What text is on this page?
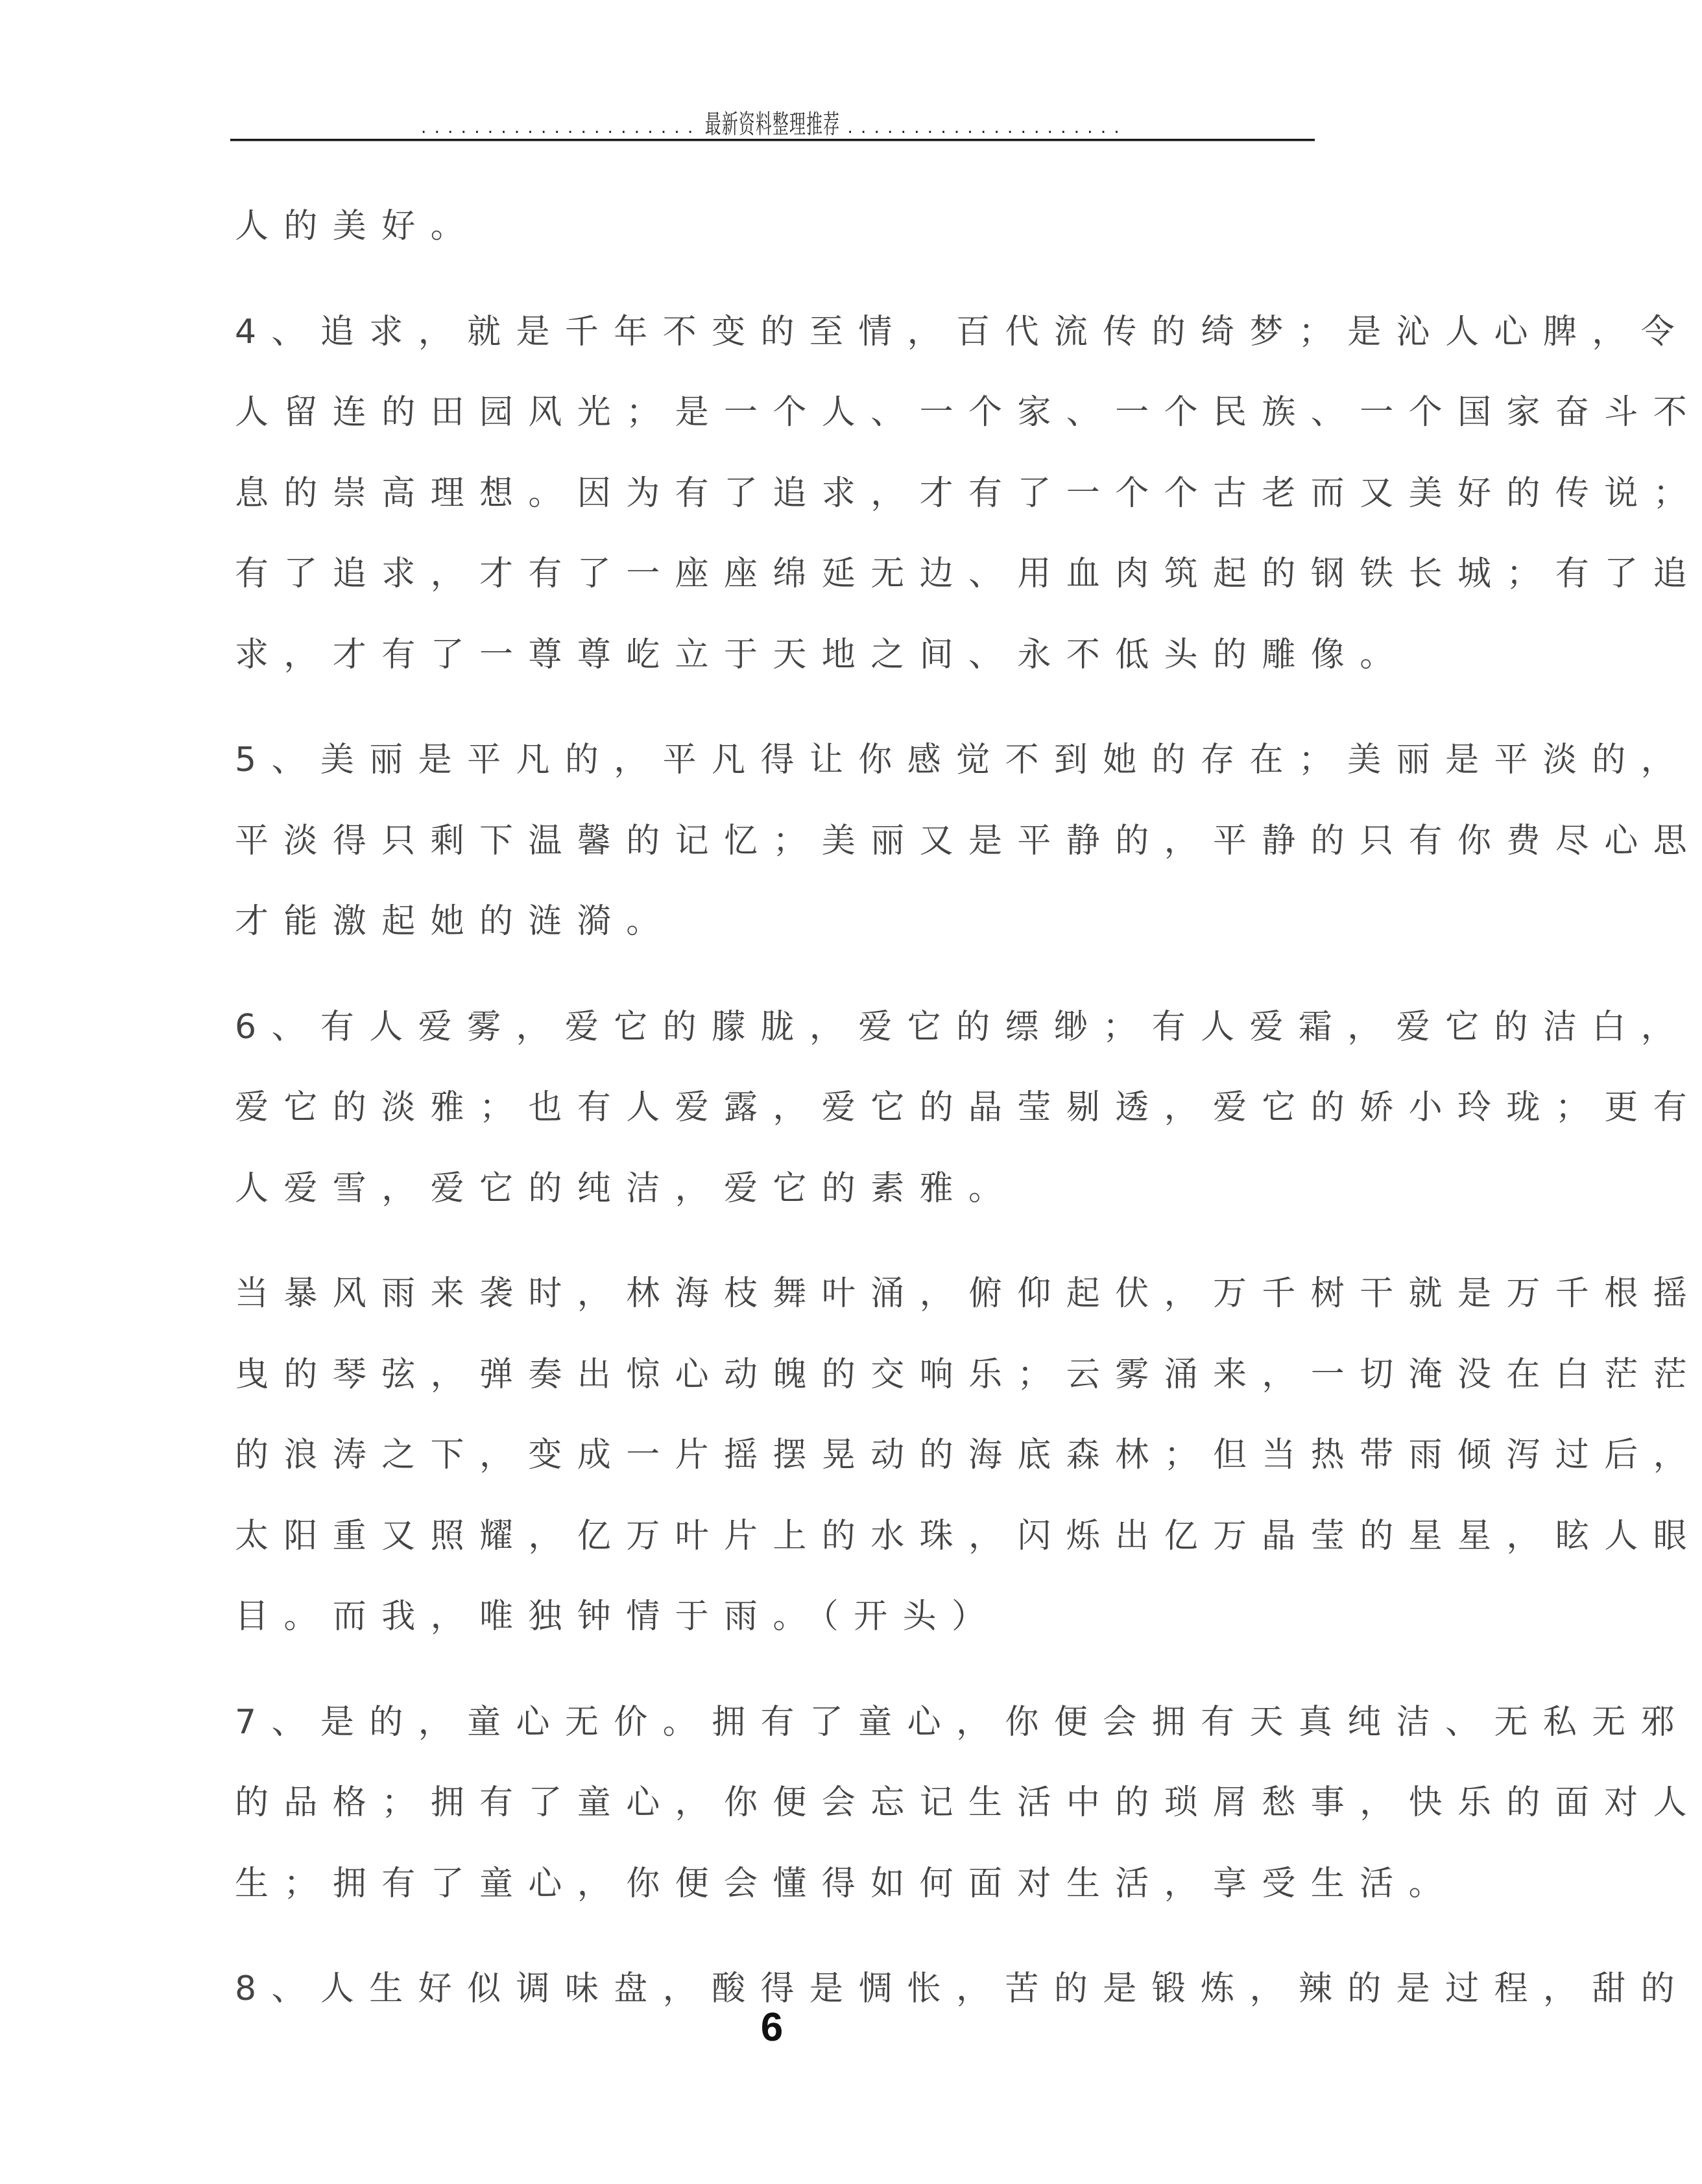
..................... 最新资料整理推荐 .....................
人的美好。
4、追求，就是千年不变的至情，百代流传的绮梦；是沁人心脾，令
人留连的田园风光；是一个人、一个家、一个民族、一个国家奋斗不
息的崇高理想。因为有了追求，才有了一个个古老而又美好的传说；
有了追求，才有了一座座绵延无边、用血肉筑起的钢铁长城；有了追
求，才有了一尊尊屹立于天地之间、永不低头的雕像。
5、美丽是平凡的，平凡得让你感觉不到她的存在；美丽是平淡的，
平淡得只剩下温馨的记忆；美丽又是平静的，平静的只有你费尽心思
才能激起她的涟漪。
6、有人爱雾，爱它的朦胧，爱它的缥缈；有人爱霜，爱它的洁白，
爱它的淡雅；也有人爱露，爱它的晶莹剔透，爱它的娇小玲珑；更有
人爱雪，爱它的纯洁，爱它的素雅。
当暴风雨来袭时，林海枝舞叶涌，俯仰起伏，万千树干就是万千根摇
曳的琴弦，弹奏出惊心动魄的交响乐；云雾涌来，一切淹没在白茫茫
的浪涛之下，变成一片摇摆晃动的海底森林；但当热带雨倾泻过后，
太阳重又照耀，亿万叶片上的水珠，闪烁出亿万晶莹的星星，眩人眼
目。而我，唯独钟情于雨。（开头）
7、是的，童心无价。拥有了童心，你便会拥有天真纯洁、无私无邪
的品格；拥有了童心，你便会忘记生活中的琐屑愁事，快乐的面对人
生；拥有了童心，你便会懂得如何面对生活，享受生活。
8、人生好似调味盘，酸得是惆怅，苦的是锻炼，辣的是过程，甜的
6
